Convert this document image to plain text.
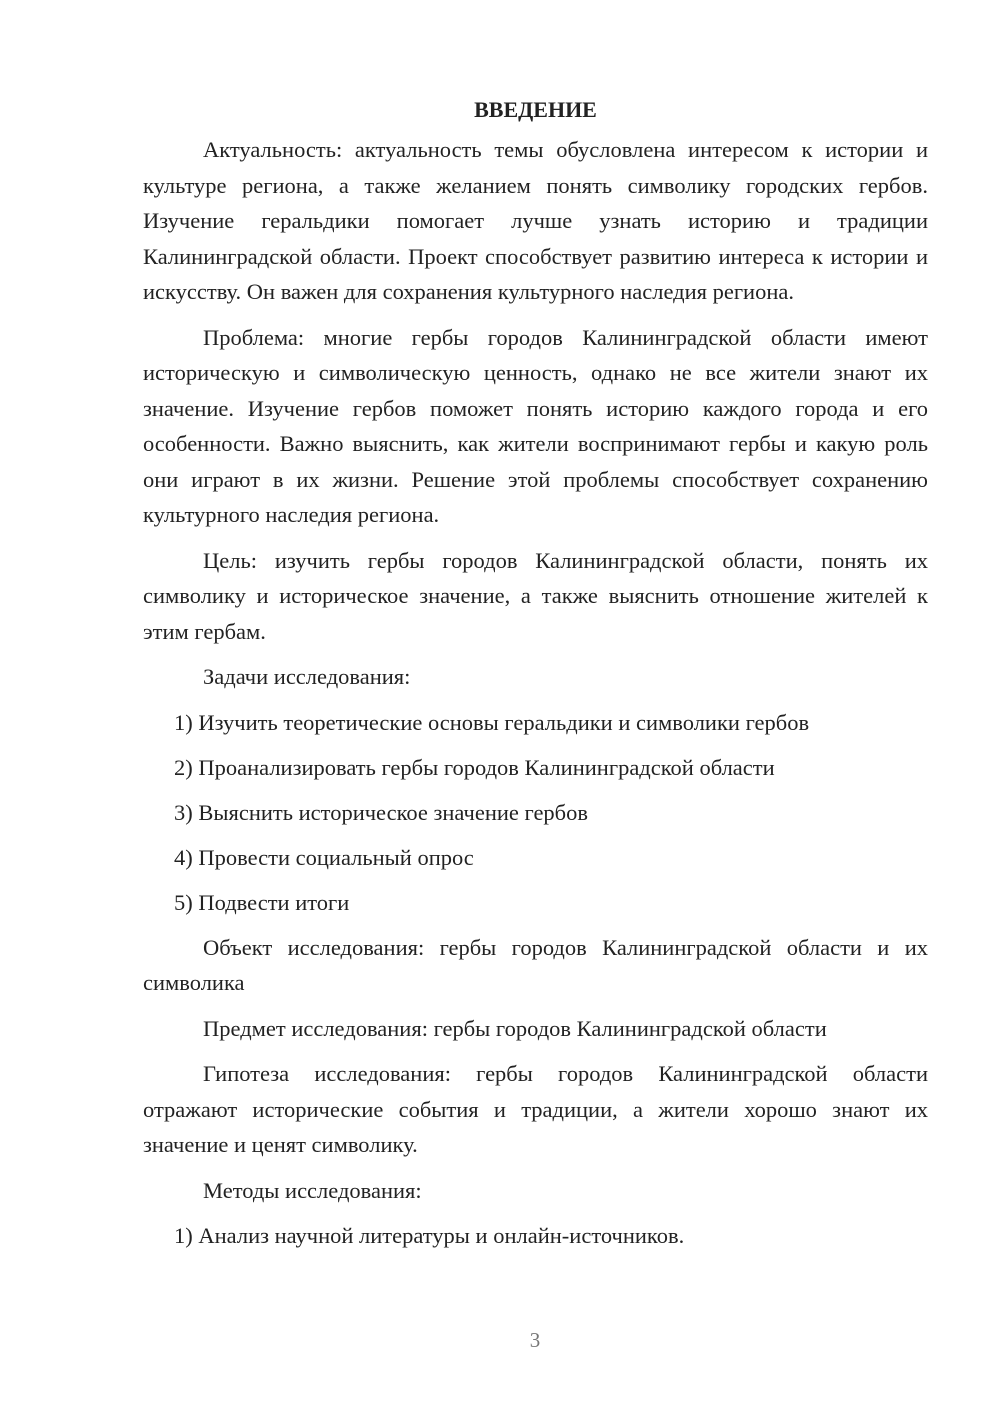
ВВЕДЕНИЕ

Актуальность: актуальность темы обусловлена интересом к истории и культуре региона, а также желанием понять символику городских гербов. Изучение геральдики помогает лучше узнать историю и традиции Калининградской области. Проект способствует развитию интереса к истории и искусству. Он важен для сохранения культурного наследия региона.

Проблема: многие гербы городов Калининградской области имеют историческую и символическую ценность, однако не все жители знают их значение. Изучение гербов поможет понять историю каждого города и его особенности. Важно выяснить, как жители воспринимают гербы и какую роль они играют в их жизни. Решение этой проблемы способствует сохранению культурного наследия региона.

Цель: изучить гербы городов Калининградской области, понять их символику и историческое значение, а также выяснить отношение жителей к этим гербам.

Задачи исследования:
1) Изучить теоретические основы геральдики и символики гербов
2) Проанализировать гербы городов Калининградской области
3) Выяснить историческое значение гербов
4) Провести социальный опрос
5) Подвести итоги

Объект исследования: гербы городов Калининградской области и их символика

Предмет исследования: гербы городов Калининградской области

Гипотеза исследования: гербы городов Калининградской области отражают исторические события и традиции, а жители хорошо знают их значение и ценят символику.

Методы исследования:
1) Анализ научной литературы и онлайн-источников.
3
